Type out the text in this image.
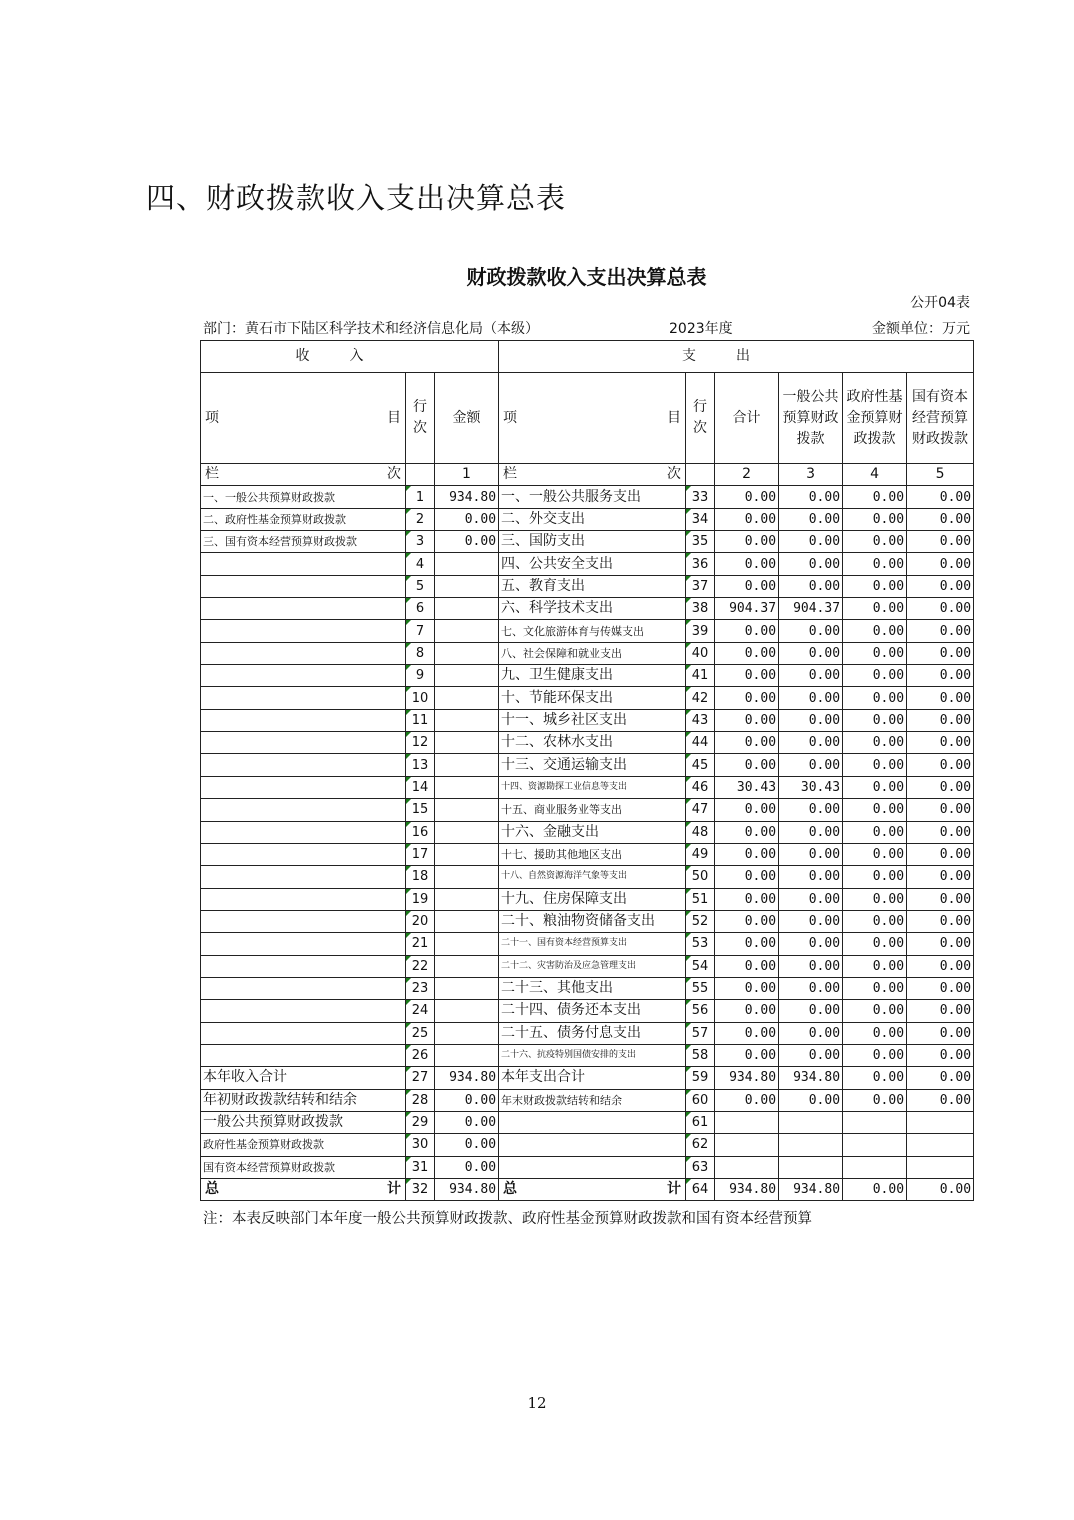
四、财政拨款收入支出决算总表
财政拨款收入支出决算总表
公开04表
部门：黄石市下陆区科学技术和经济信息化局（本级）	2023年度	金额单位：万元
收入			支出					

项 目	行次	金额	项 目	行次	合计	一般公共预算财政拨款	政府性基金预算财政拨款	国有资本经营预算财政拨款

栏 次		1	栏 次		2	3	4	5
一、一般公共预算财政拨款	1	934.80	一、一般公共服务支出	33	0.00	0.00	0.00	0.00
二、政府性基金预算财政拨款	2	0.00	二、外交支出	34	0.00	0.00	0.00	0.00
三、国有资本经营预算财政拨款	3	0.00	三、国防支出	35	0.00	0.00	0.00	0.00
	4		四、公共安全支出	36	0.00	0.00	0.00	0.00
	5		五、教育支出	37	0.00	0.00	0.00	0.00
	6		六、科学技术支出	38	904.37	904.37	0.00	0.00
	7		七、文化旅游体育与传媒支出	39	0.00	0.00	0.00	0.00
	8		八、社会保障和就业支出	40	0.00	0.00	0.00	0.00
	9		九、卫生健康支出	41	0.00	0.00	0.00	0.00
	10		十、节能环保支出	42	0.00	0.00	0.00	0.00
	11		十一、城乡社区支出	43	0.00	0.00	0.00	0.00
	12		十二、农林水支出	44	0.00	0.00	0.00	0.00
	13		十三、交通运输支出	45	0.00	0.00	0.00	0.00
	14		十四、资源勘探工业信息等支出	46	30.43	30.43	0.00	0.00
	15		十五、商业服务业等支出	47	0.00	0.00	0.00	0.00
	16		十六、金融支出	48	0.00	0.00	0.00	0.00
	17		十七、援助其他地区支出	49	0.00	0.00	0.00	0.00
	18		十八、自然资源海洋气象等支出	50	0.00	0.00	0.00	0.00
	19		十九、住房保障支出	51	0.00	0.00	0.00	0.00
	20		二十、粮油物资储备支出	52	0.00	0.00	0.00	0.00
	21		二十一、国有资本经营预算支出	53	0.00	0.00	0.00	0.00
	22		二十二、灾害防治及应急管理支出	54	0.00	0.00	0.00	0.00
	23		二十三、其他支出	55	0.00	0.00	0.00	0.00
	24		二十四、债务还本支出	56	0.00	0.00	0.00	0.00
	25		二十五、债务付息支出	57	0.00	0.00	0.00	0.00
	26		二十六、抗疫特别国债安排的支出	58	0.00	0.00	0.00	0.00
本年收入合计	27	934.80	本年支出合计	59	934.80	934.80	0.00	0.00
年初财政拨款结转和结余	28	0.00	年末财政拨款结转和结余	60	0.00	0.00	0.00	0.00
一般公共预算财政拨款	29	0.00		61				
政府性基金预算财政拨款	30	0.00		62				
国有资本经营预算财政拨款	31	0.00		63				

总 计	32	934.80	总 计	64	934.80	934.80	0.00	0.00
注：本表反映部门本年度一般公共预算财政拨款、政府性基金预算财政拨款和国有资本经营预算
12
